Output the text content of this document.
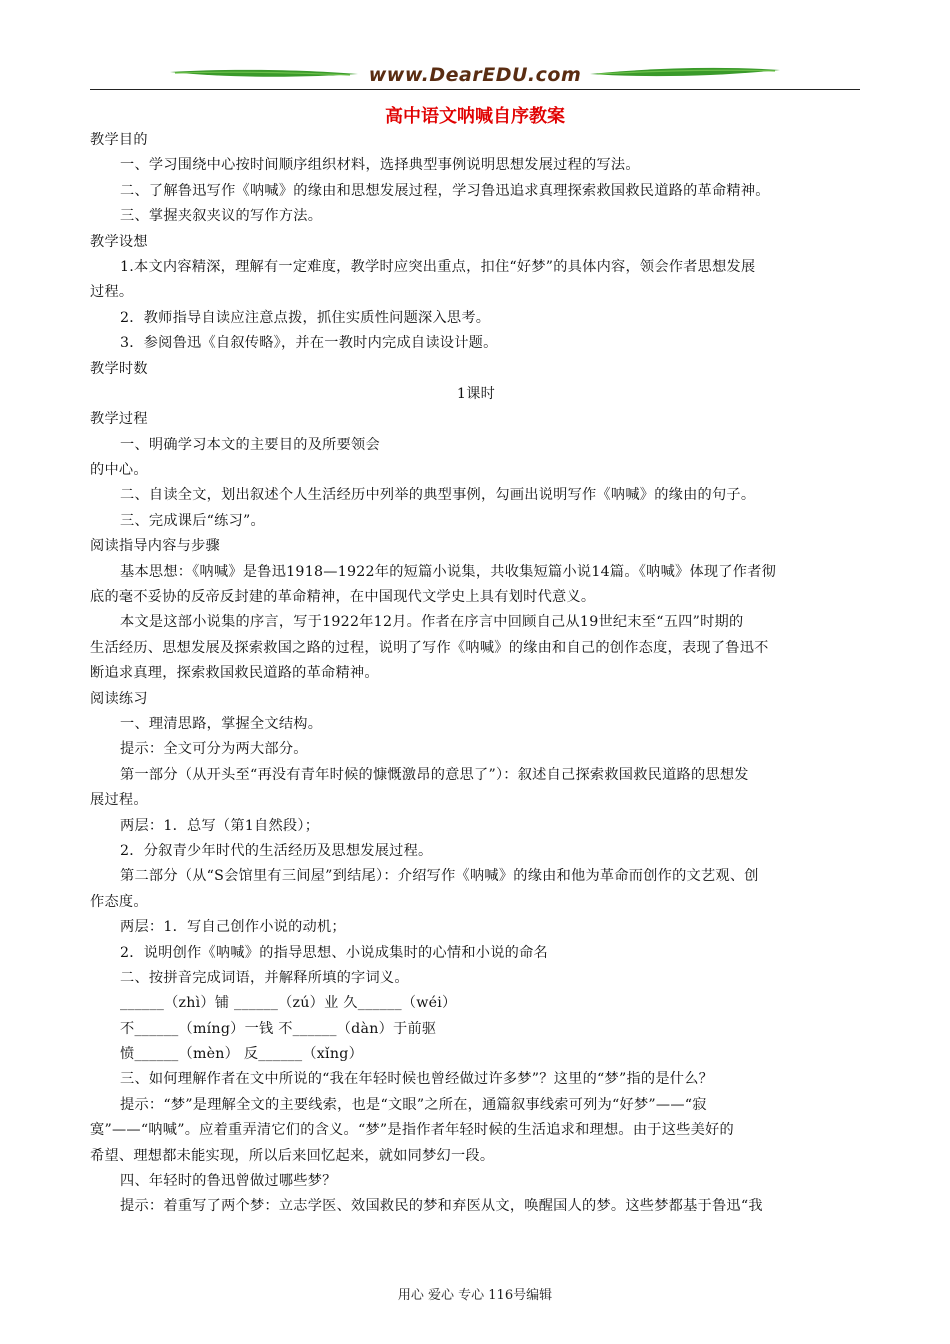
www.DearEDU.com
高中语文呐喊自序教案
教学目的
一、学习围绕中心按时间顺序组织材料，选择典型事例说明思想发展过程的写法。
二、了解鲁迅写作《呐喊》的缘由和思想发展过程，学习鲁迅追求真理探索救国救民道路的革命精神。
三、掌握夹叙夹议的写作方法。
教学设想
1.本文内容精深，理解有一定难度，教学时应突出重点，扣住“好梦”的具体内容，领会作者思想发展
过程。
2．教师指导自读应注意点拨，抓住实质性问题深入思考。
3．参阅鲁迅《自叙传略》，并在一教时内完成自读设计题。
教学时数
1课时
教学过程
一、明确学习本文的主要目的及所要领会
的中心。
二、自读全文，划出叙述个人生活经历中列举的典型事例，勾画出说明写作《呐喊》的缘由的句子。
三、完成课后“练习”。
阅读指导内容与步骤
基本思想：《呐喊》是鲁迅1918—1922年的短篇小说集，共收集短篇小说14篇。《呐喊》体现了作者彻
底的毫不妥协的反帝反封建的革命精神，在中国现代文学史上具有划时代意义。
本文是这部小说集的序言，写于1922年12月。作者在序言中回顾自己从19世纪末至“五四”时期的
生活经历、思想发展及探索救国之路的过程，说明了写作《呐喊》的缘由和自己的创作态度，表现了鲁迅不
断追求真理，探索救国救民道路的革命精神。
阅读练习
一、理清思路，掌握全文结构。
提示：全文可分为两大部分。
第一部分（从开头至“再没有青年时候的慷慨激昂的意思了”）：叙述自己探索救国救民道路的思想发
展过程。
两层：1．总写（第1自然段）；
2．分叙青少年时代的生活经历及思想发展过程。
第二部分（从“S会馆里有三间屋”到结尾）：介绍写作《呐喊》的缘由和他为革命而创作的文艺观、创
作态度。
两层：1．写自己创作小说的动机；
2．说明创作《呐喊》的指导思想、小说成集时的心情和小说的命名
二、按拼音完成词语，并解释所填的字词义。
______（zhì）铺 ______（zú）业 久______（wéi）
不______（míng）一钱 不______（dàn）于前驱
愤______（mèn） 反______（xǐng）
三、如何理解作者在文中所说的“我在年轻时候也曾经做过许多梦”？这里的“梦”指的是什么？
提示：“梦”是理解全文的主要线索，也是“文眼”之所在，通篇叙事线索可列为“好梦”——“寂
寞”——“呐喊”。应着重弄清它们的含义。“梦”是指作者年轻时候的生活追求和理想。由于这些美好的
希望、理想都未能实现，所以后来回忆起来，就如同梦幻一段。
四、年轻时的鲁迅曾做过哪些梦？
提示：着重写了两个梦：立志学医、效国救民的梦和弃医从文，唤醒国人的梦。这些梦都基于鲁迅“我
用心 爱心 专心 116号编辑
